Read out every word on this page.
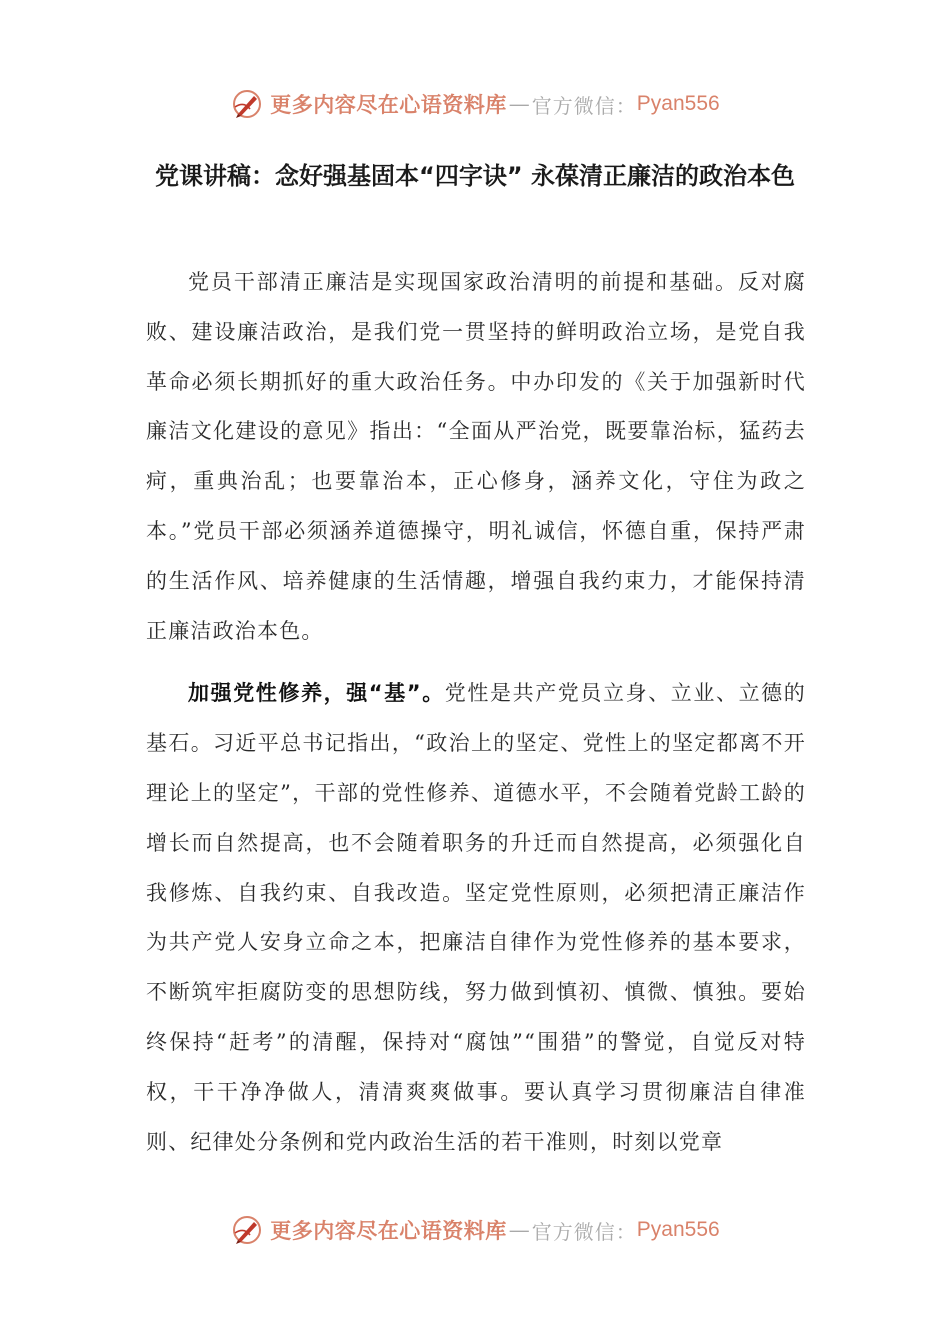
更多内容尽在心语资料库 — 官方微信： Pyan556
党课讲稿：念好强基固本“四字诀” 永葆清正廉洁的政治本色

党员干部清正廉洁是实现国家政治清明的前提和基础。反对腐败、建设廉洁政治，是我们党一贯坚持的鲜明政治立场，是党自我革命必须长期抓好的重大政治任务。中办印发的《关于加强新时代廉洁文化建设的意见》指出：“全面从严治党，既要靠治标，猛药去疴，重典治乱；也要靠治本，正心修身，涵养文化，守住为政之本。”党员干部必须涵养道德操守，明礼诚信，怀德自重，保持严肃的生活作风、培养健康的生活情趣，增强自我约束力，才能保持清正廉洁政治本色。

加强党性修养，强“基”。党性是共产党员立身、立业、立德的基石。习近平总书记指出，“政治上的坚定、党性上的坚定都离不开理论上的坚定”，干部的党性修养、道德水平，不会随着党龄工龄的增长而自然提高，也不会随着职务的升迁而自然提高，必须强化自我修炼、自我约束、自我改造。坚定党性原则，必须把清正廉洁作为共产党人安身立命之本，把廉洁自律作为党性修养的基本要求，不断筑牢拒腐防变的思想防线，努力做到慎初、慎微、慎独。要始终保持“赶考”的清醒，保持对“腐蚀”“围猎”的警觉，自觉反对特权，干干净净做人，清清爽爽做事。要认真学习贯彻廉洁自律准则、纪律处分条例和党内政治生活的若干准则，时刻以党章

更多内容尽在心语资料库 — 官方微信： Pyan556
